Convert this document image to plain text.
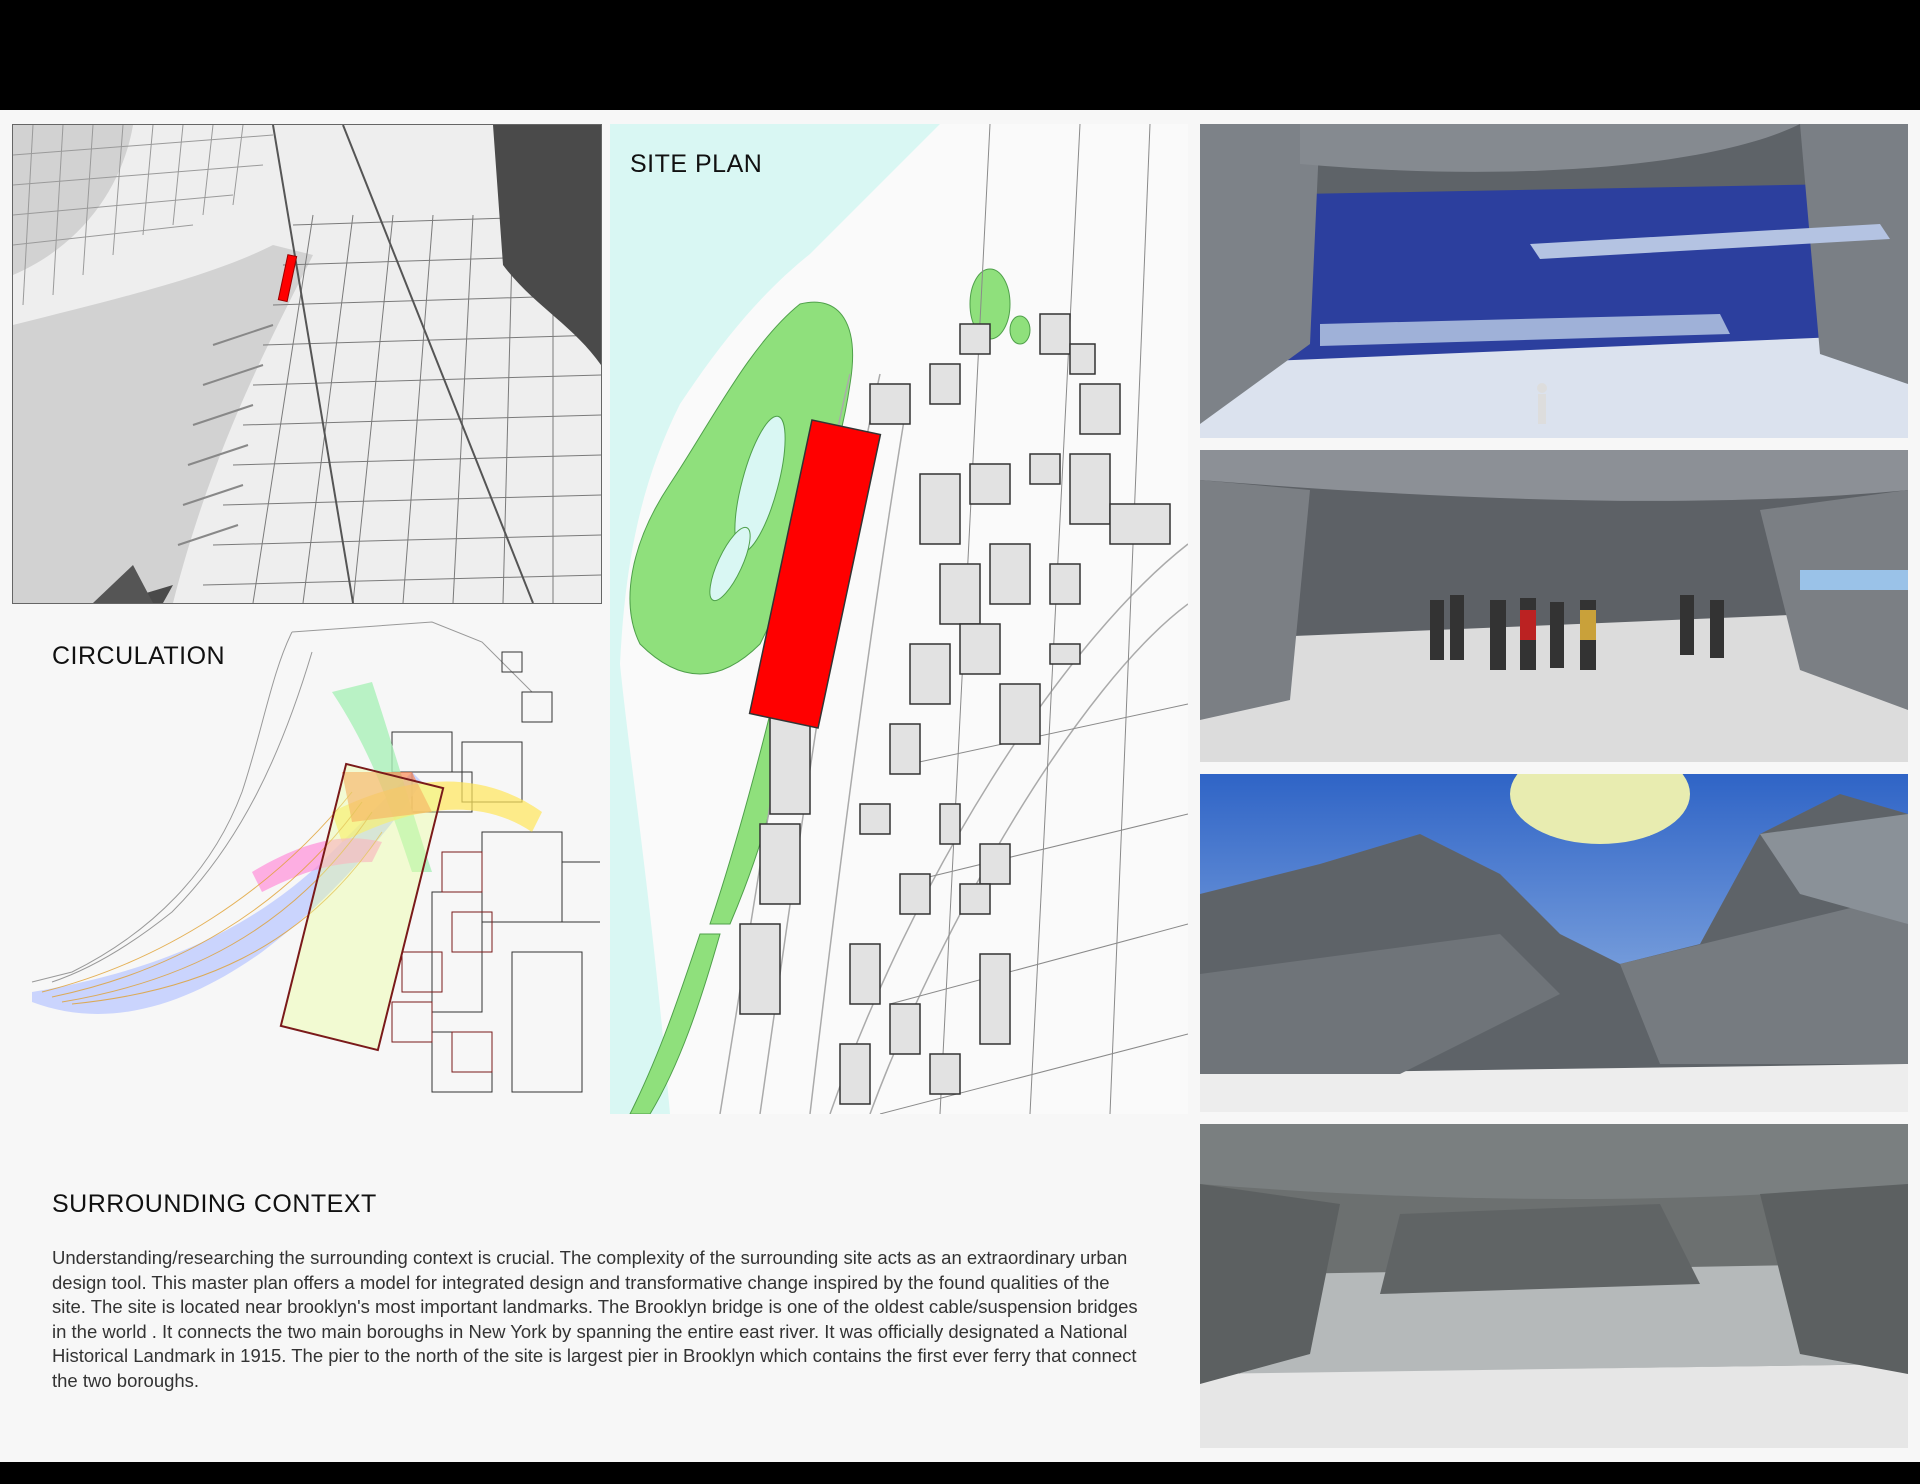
SITE PLAN
CIRCULATION
SURROUNDING CONTEXT

Understanding/researching the surrounding context is crucial. The complexity of the surrounding site acts as an extraordinary urban design tool. This master plan offers a model for integrated design and transformative change inspired by the found qualities of the site. The site is located near brooklyn's most important landmarks. The Brooklyn bridge is one of the oldest cable/suspension bridges in the world . It connects the two main boroughs in New York by spanning the entire east river. It was officially designated a National Historical Landmark in 1915. The pier to the north of the site is largest pier in Brooklyn which contains the first ever ferry that connect the two boroughs.
